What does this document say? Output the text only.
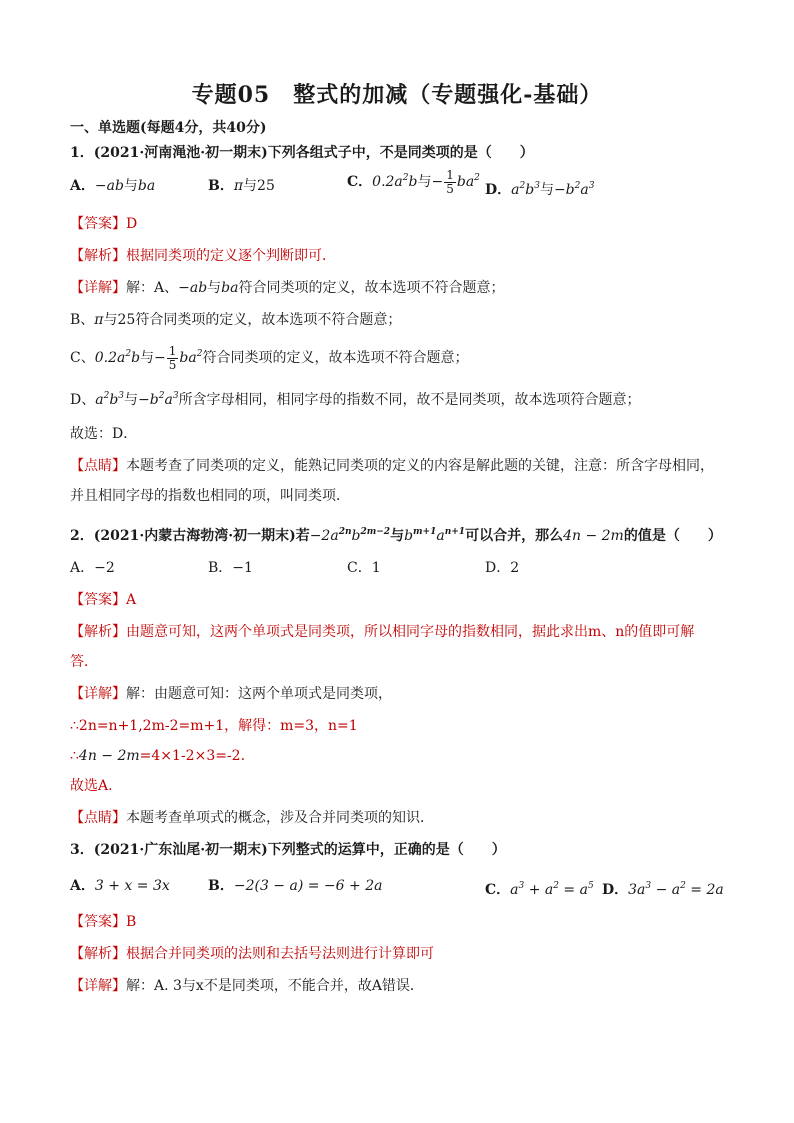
专题05　整式的加减（专题强化-基础）
一、单选题(每题4分，共40分)
1．(2021·河南渑池·初一期末)下列各组式子中，不是同类项的是（　　）
A．−ab与ba	B．π与25	C．$0.2a^2b$与− $\frac{1}{5} ba^2$
D．$a^2b^3$与$-b^2a^3$
【答案】D
【解析】根据同类项的定义逐个判断即可．
【详解】解：A、−ab与ba符合同类项的定义，故本选项不符合题意；
B、π与25符合同类项的定义，故本选项不符合题意；
C、$0.2a^2b$与− $\frac{1}{5} ba^2$符合同类项的定义，故本选项不符合题意；
D、$a^2b^3$与$-b^2a^3$所含字母相同，相同字母的指数不同，故不是同类项，故本选项符合题意；
故选：D．
【点睛】本题考查了同类项的定义，能熟记同类项的定义的内容是解此题的关键，注意：所含字母相同，
并且相同字母的指数也相同的项，叫同类项．
2．(2021·内蒙古海勃湾·初一期末)若$-2a^{2n}b^{2m-2}$与$b^{m+1}a^{n+1}$可以合并，那么4n − 2m的值是（　　）
A．−2	B．−1	C．1	D．2
【答案】A
【解析】由题意可知，这两个单项式是同类项，所以相同字母的指数相同，据此求出m、n的值即可解
答．
【详解】解：由题意可知：这两个单项式是同类项，
∴2n=n+1,2m-2=m+1，解得：m=3，n=1
∴4n − 2m=4×1-2×3=-2.
故选A.
【点睛】本题考查单项式的概念，涉及合并同类项的知识．
3．(2021·广东汕尾·初一期末)下列整式的运算中，正确的是（　　）
A．3 + x = 3x	B．−2(3 − a) = −6 + 2a	C．$a^3 + a^2 = a^5$ D．$3a^3 - a^2 = 2a$
【答案】B
【解析】根据合并同类项的法则和去括号法则进行计算即可
【详解】解：A. 3与x不是同类项，不能合并，故A错误．
